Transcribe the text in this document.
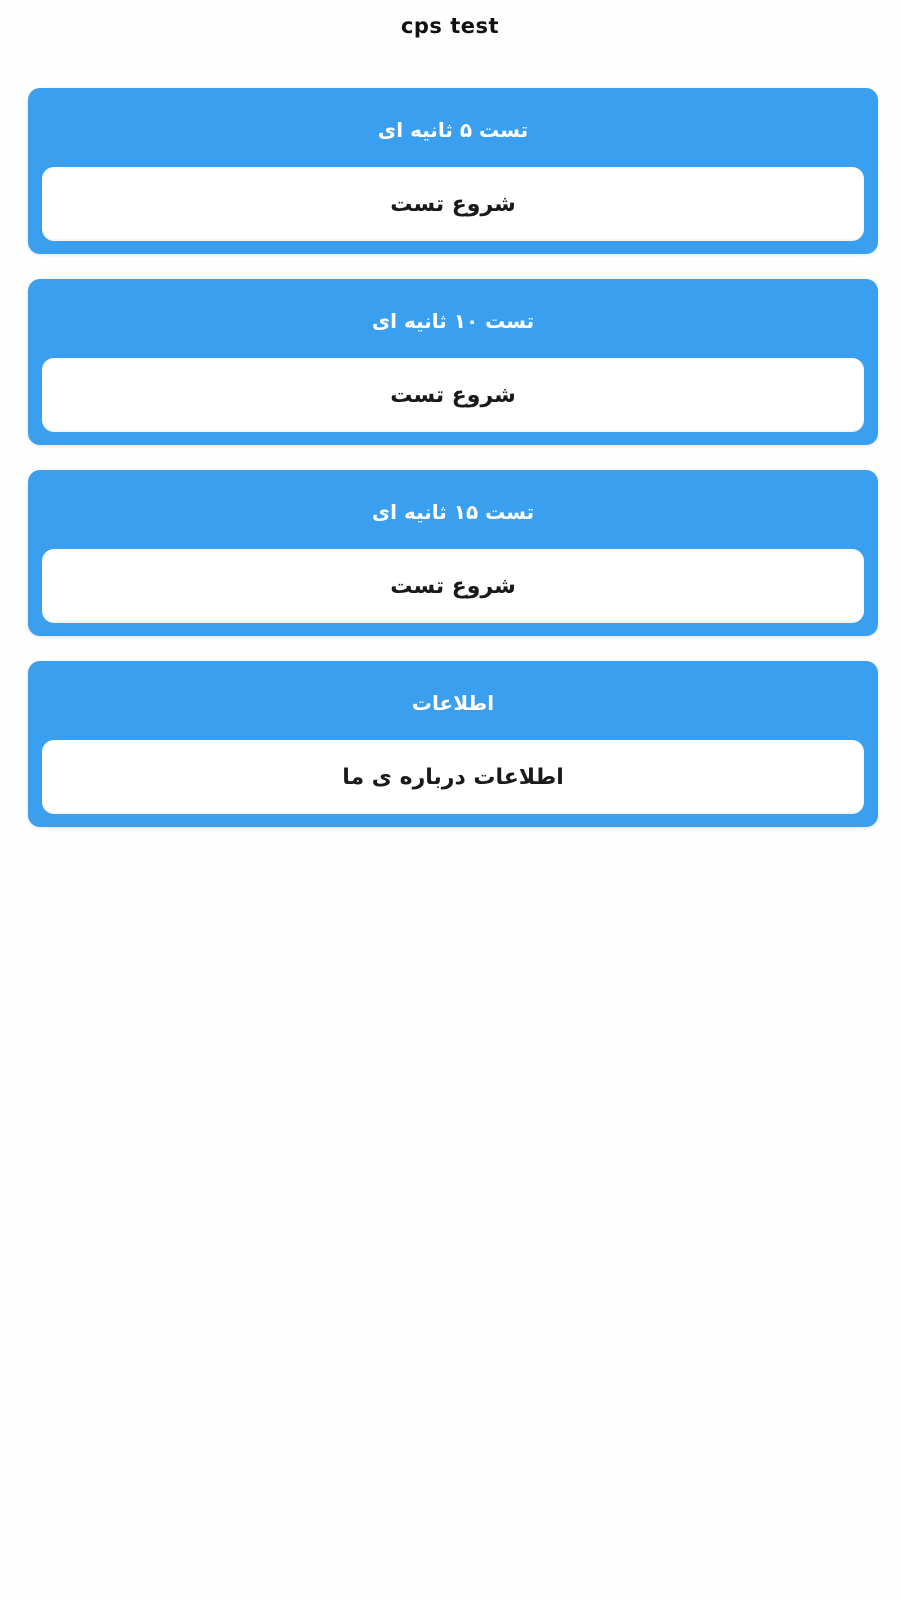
cps test
تست ۵ ثانیه ای
شروع تست
تست ۱۰ ثانیه ای
شروع تست
تست ۱۵ ثانیه ای
شروع تست
اطلاعات
اطلاعات درباره ی ما
